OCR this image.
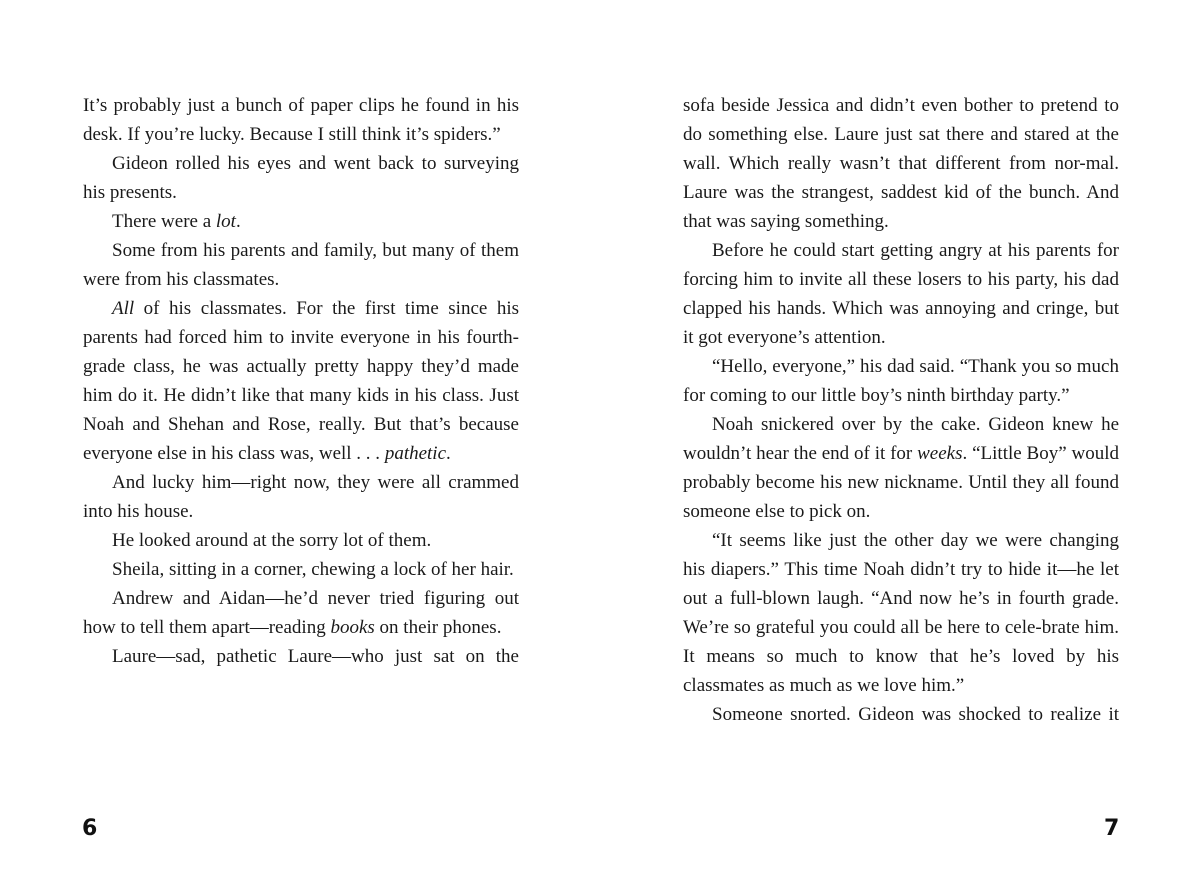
It’s probably just a bunch of paper clips he found in his desk. If you’re lucky. Because I still think it’s spiders.”

Gideon rolled his eyes and went back to surveying his presents.

There were a lot.

Some from his parents and family, but many of them were from his classmates.

All of his classmates. For the first time since his parents had forced him to invite everyone in his fourth-grade class, he was actually pretty happy they’d made him do it. He didn’t like that many kids in his class. Just Noah and Shehan and Rose, really. But that’s because everyone else in his class was, well . . . pathetic.

And lucky him—right now, they were all crammed into his house.

He looked around at the sorry lot of them.

Sheila, sitting in a corner, chewing a lock of her hair.

Andrew and Aidan—he’d never tried figuring out how to tell them apart—reading books on their phones.

Laure—sad, pathetic Laure—who just sat on the

sofa beside Jessica and didn’t even bother to pretend to do something else. Laure just sat there and stared at the wall. Which really wasn’t that different from nor-mal. Laure was the strangest, saddest kid of the bunch. And that was saying something.

Before he could start getting angry at his parents for forcing him to invite all these losers to his party, his dad clapped his hands. Which was annoying and cringe, but it got everyone’s attention.

“Hello, everyone,” his dad said. “Thank you so much for coming to our little boy’s ninth birthday party.”

Noah snickered over by the cake. Gideon knew he wouldn’t hear the end of it for weeks. “Little Boy” would probably become his new nickname. Until they all found someone else to pick on.

“It seems like just the other day we were changing his diapers.” This time Noah didn’t try to hide it—he let out a full-blown laugh. “And now he’s in fourth grade. We’re so grateful you could all be here to cele-brate him. It means so much to know that he’s loved by his classmates as much as we love him.”

Someone snorted. Gideon was shocked to realize it

6	7
